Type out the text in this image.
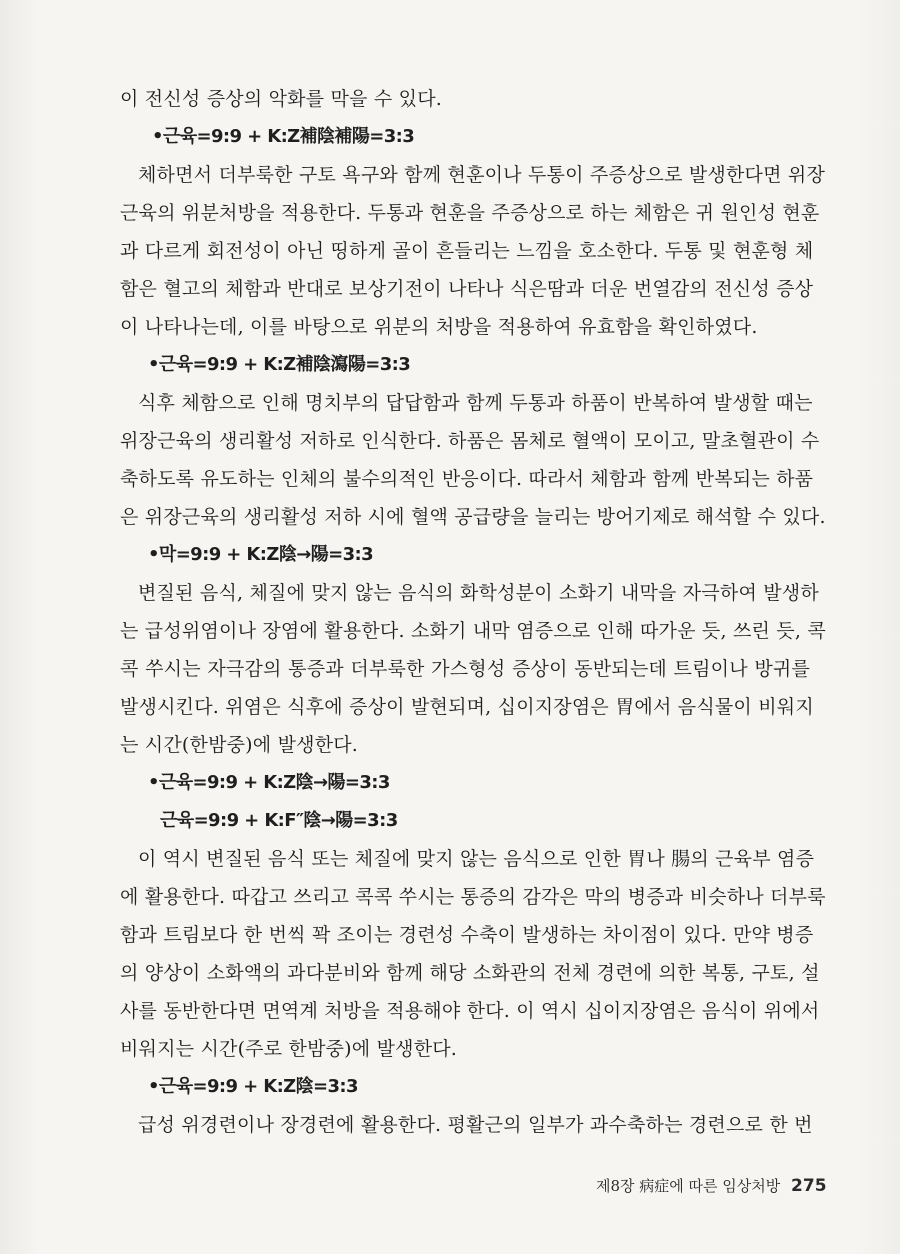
이 전신성 증상의 악화를 막을 수 있다.
•근육=9:9 + K:Z補陰補陽=3:3
체하면서 더부룩한 구토 욕구와 함께 현훈이나 두통이 주증상으로 발생한다면 위장
근육의 위분처방을 적용한다. 두통과 현훈을 주증상으로 하는 체함은 귀 원인성 현훈
과 다르게 회전성이 아닌 띵하게 골이 흔들리는 느낌을 호소한다. 두통 및 현훈형 체
함은 혈고의 체함과 반대로 보상기전이 나타나 식은땀과 더운 번열감의 전신성 증상
이 나타나는데, 이를 바탕으로 위분의 처방을 적용하여 유효함을 확인하였다.
•근육=9:9 + K:Z補陰瀉陽=3:3
식후 체함으로 인해 명치부의 답답함과 함께 두통과 하품이 반복하여 발생할 때는
위장근육의 생리활성 저하로 인식한다. 하품은 몸체로 혈액이 모이고, 말초혈관이 수
축하도록 유도하는 인체의 불수의적인 반응이다. 따라서 체함과 함께 반복되는 하품
은 위장근육의 생리활성 저하 시에 혈액 공급량을 늘리는 방어기제로 해석할 수 있다.
•막=9:9 + K:Z陰→陽=3:3
변질된 음식, 체질에 맞지 않는 음식의 화학성분이 소화기 내막을 자극하여 발생하
는 급성위염이나 장염에 활용한다. 소화기 내막 염증으로 인해 따가운 듯, 쓰린 듯, 콕
콕 쑤시는 자극감의 통증과 더부룩한 가스형성 증상이 동반되는데 트림이나 방귀를
발생시킨다. 위염은 식후에 증상이 발현되며, 십이지장염은 胃에서 음식물이 비워지
는 시간(한밤중)에 발생한다.
•근육=9:9 + K:Z陰→陽=3:3
근육=9:9 + K:F″陰→陽=3:3
이 역시 변질된 음식 또는 체질에 맞지 않는 음식으로 인한 胃나 腸의 근육부 염증
에 활용한다. 따갑고 쓰리고 콕콕 쑤시는 통증의 감각은 막의 병증과 비슷하나 더부룩
함과 트림보다 한 번씩 꽉 조이는 경련성 수축이 발생하는 차이점이 있다. 만약 병증
의 양상이 소화액의 과다분비와 함께 해당 소화관의 전체 경련에 의한 복통, 구토, 설
사를 동반한다면 면역계 처방을 적용해야 한다. 이 역시 십이지장염은 음식이 위에서
비워지는 시간(주로 한밤중)에 발생한다.
•근육=9:9 + K:Z陰=3:3
급성 위경련이나 장경련에 활용한다. 평활근의 일부가 과수축하는 경련으로 한 번
제8장 病症에 따른 임상처방 275
